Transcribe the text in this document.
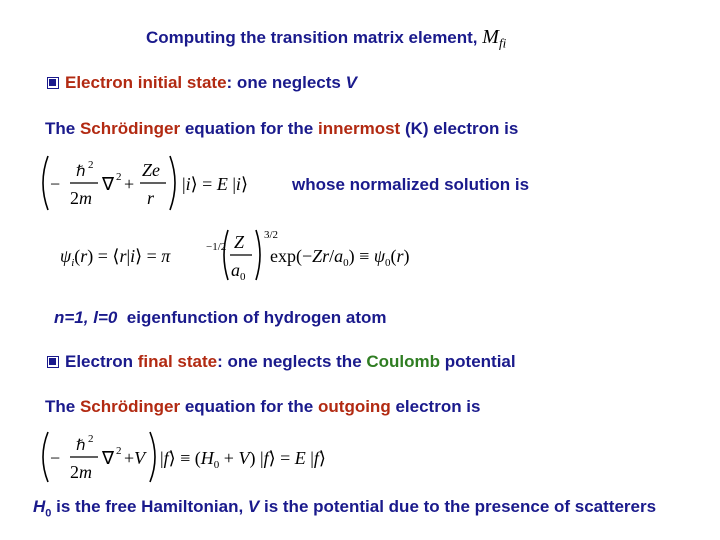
Computing the transition matrix element, $M_{fi}$
Electron initial state: one neglects V
The Schrödinger equation for the innermost (K) electron is
−
ℏ 2
2m
∇ 2 +
Ze
r
|i⟩ = E |i⟩	whose normalized solution is
$\psi_i(r)$ = ⟨r|i⟩ = π	−1/2 Z
$a_0$
3/2
$\exp(-Zr/a_0) \equiv \psi_0(r)$
n=1, l=0 eigenfunction of hydrogen atom
Electron final state: one neglects the Coulomb potential
The Schrödinger equation for the outgoing electron is
−
ℏ 2
2m
∇ 2 +V |f⟩ ≡ $(H_0 + V)$ |f⟩ = E |f⟩
$H_0$ is the free Hamiltonian, V is the potential due to the presence of scatterers
